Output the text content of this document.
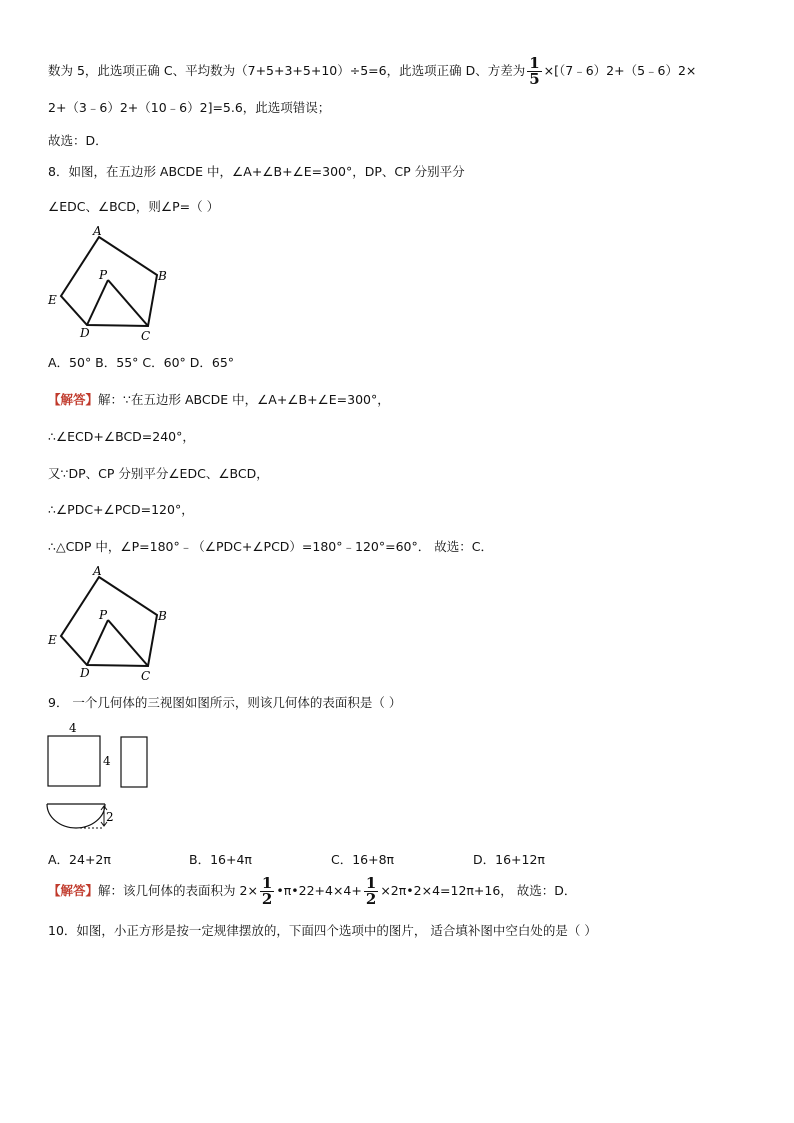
数为 5，此选项正确 C、平均数为（7+5+3+5+10）÷5=6，此选项正确 D、方差为 $\frac{1}{5}$ ×[（7﹣6）2+（5﹣6）2×
2+（3﹣6）2+（10﹣6）2]=5.6，此选项错误；
故选：D．
8．如图，在五边形 ABCDE 中，∠A+∠B+∠E=300°，DP、CP 分别平分
∠EDC、∠BCD，则∠P=（ ）
A
B
C
D
E
P
A．50° B．55° C．60° D．65°
【解答】解：∵在五边形 ABCDE 中，∠A+∠B+∠E=300°，
∴∠ECD+∠BCD=240°，
又∵DP、CP 分别平分∠EDC、∠BCD，
∴∠PDC+∠PCD=120°，
∴△CDP 中，∠P=180°﹣（∠PDC+∠PCD）=180°﹣120°=60°． 故选：C．
A
B
C
D
E
P
9． 一个几何体的三视图如图所示，则该几何体的表面积是（ ）
4
4
2
A．24+2π	B．16+4π	C．16+8π	D．16+12π
【解答】解：该几何体的表面积为 $2\times \frac{1}{2}$ •π•22+4×4+ $\frac{1}{2}$ ×2π•2×4=12π+16， 故选：D．
10．如图，小正方形是按一定规律摆放的，下面四个选项中的图片， 适合填补图中空白处的是（ ）
